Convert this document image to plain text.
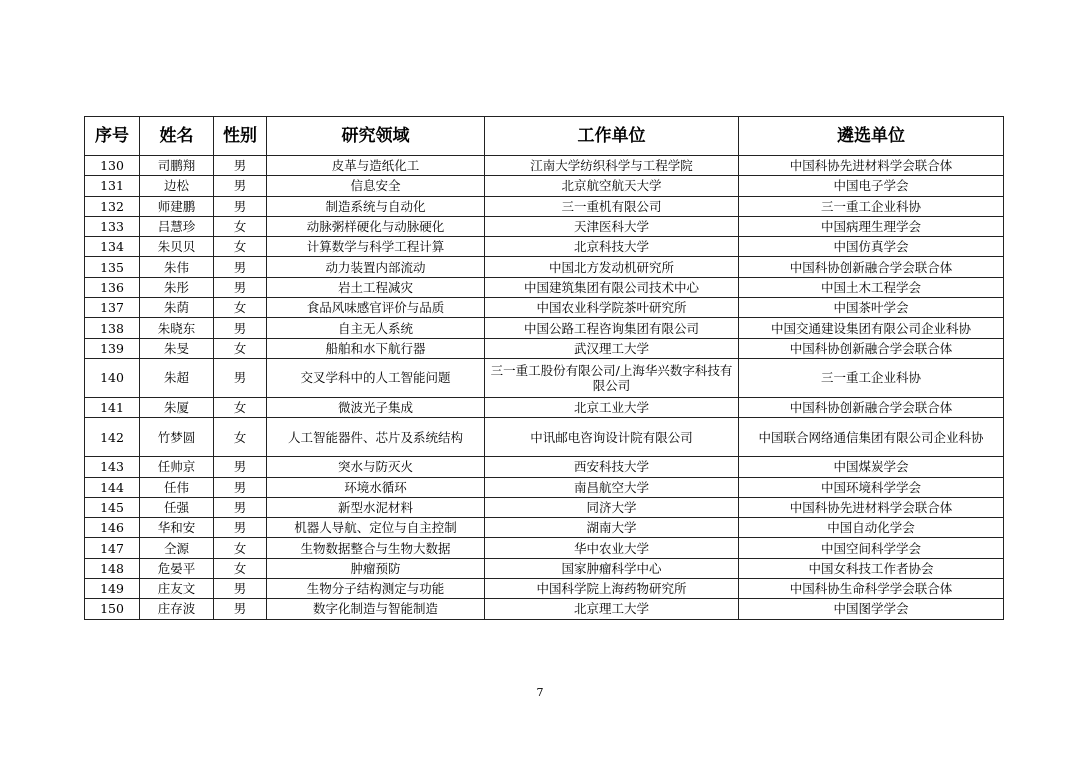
序号	姓名	性别	研究领域	工作单位	遴选单位
130	司鹏翔	男	皮革与造纸化工	江南大学纺织科学与工程学院	中国科协先进材料学会联合体
131	边松	男	信息安全	北京航空航天大学	中国电子学会
132	师建鹏	男	制造系统与自动化	三一重机有限公司	三一重工企业科协
133	吕慧珍	女	动脉粥样硬化与动脉硬化	天津医科大学	中国病理生理学会
134	朱贝贝	女	计算数学与科学工程计算	北京科技大学	中国仿真学会
135	朱伟	男	动力装置内部流动	中国北方发动机研究所	中国科协创新融合学会联合体
136	朱彤	男	岩土工程减灾	中国建筑集团有限公司技术中心	中国土木工程学会
137	朱荫	女	食品风味感官评价与品质	中国农业科学院茶叶研究所	中国茶叶学会
138	朱晓东	男	自主无人系统	中国公路工程咨询集团有限公司	中国交通建设集团有限公司企业科协
139	朱旻	女	船舶和水下航行器	武汉理工大学	中国科协创新融合学会联合体
140	朱超	男	交叉学科中的人工智能问题	三一重工股份有限公司/上海华兴数字科技有限公司	三一重工企业科协
141	朱厦	女	微波光子集成	北京工业大学	中国科协创新融合学会联合体
142	竹梦圆	女	人工智能器件、芯片及系统结构	中讯邮电咨询设计院有限公司	中国联合网络通信集团有限公司企业科协
143	任帅京	男	突水与防灭火	西安科技大学	中国煤炭学会
144	任伟	男	环境水循环	南昌航空大学	中国环境科学学会
145	任强	男	新型水泥材料	同济大学	中国科协先进材料学会联合体
146	华和安	男	机器人导航、定位与自主控制	湖南大学	中国自动化学会
147	仝源	女	生物数据整合与生物大数据	华中农业大学	中国空间科学学会
148	危晏平	女	肿瘤预防	国家肿瘤科学中心	中国女科技工作者协会
149	庄友文	男	生物分子结构测定与功能	中国科学院上海药物研究所	中国科协生命科学学会联合体
150	庄存波	男	数字化制造与智能制造	北京理工大学	中国图学学会
7
